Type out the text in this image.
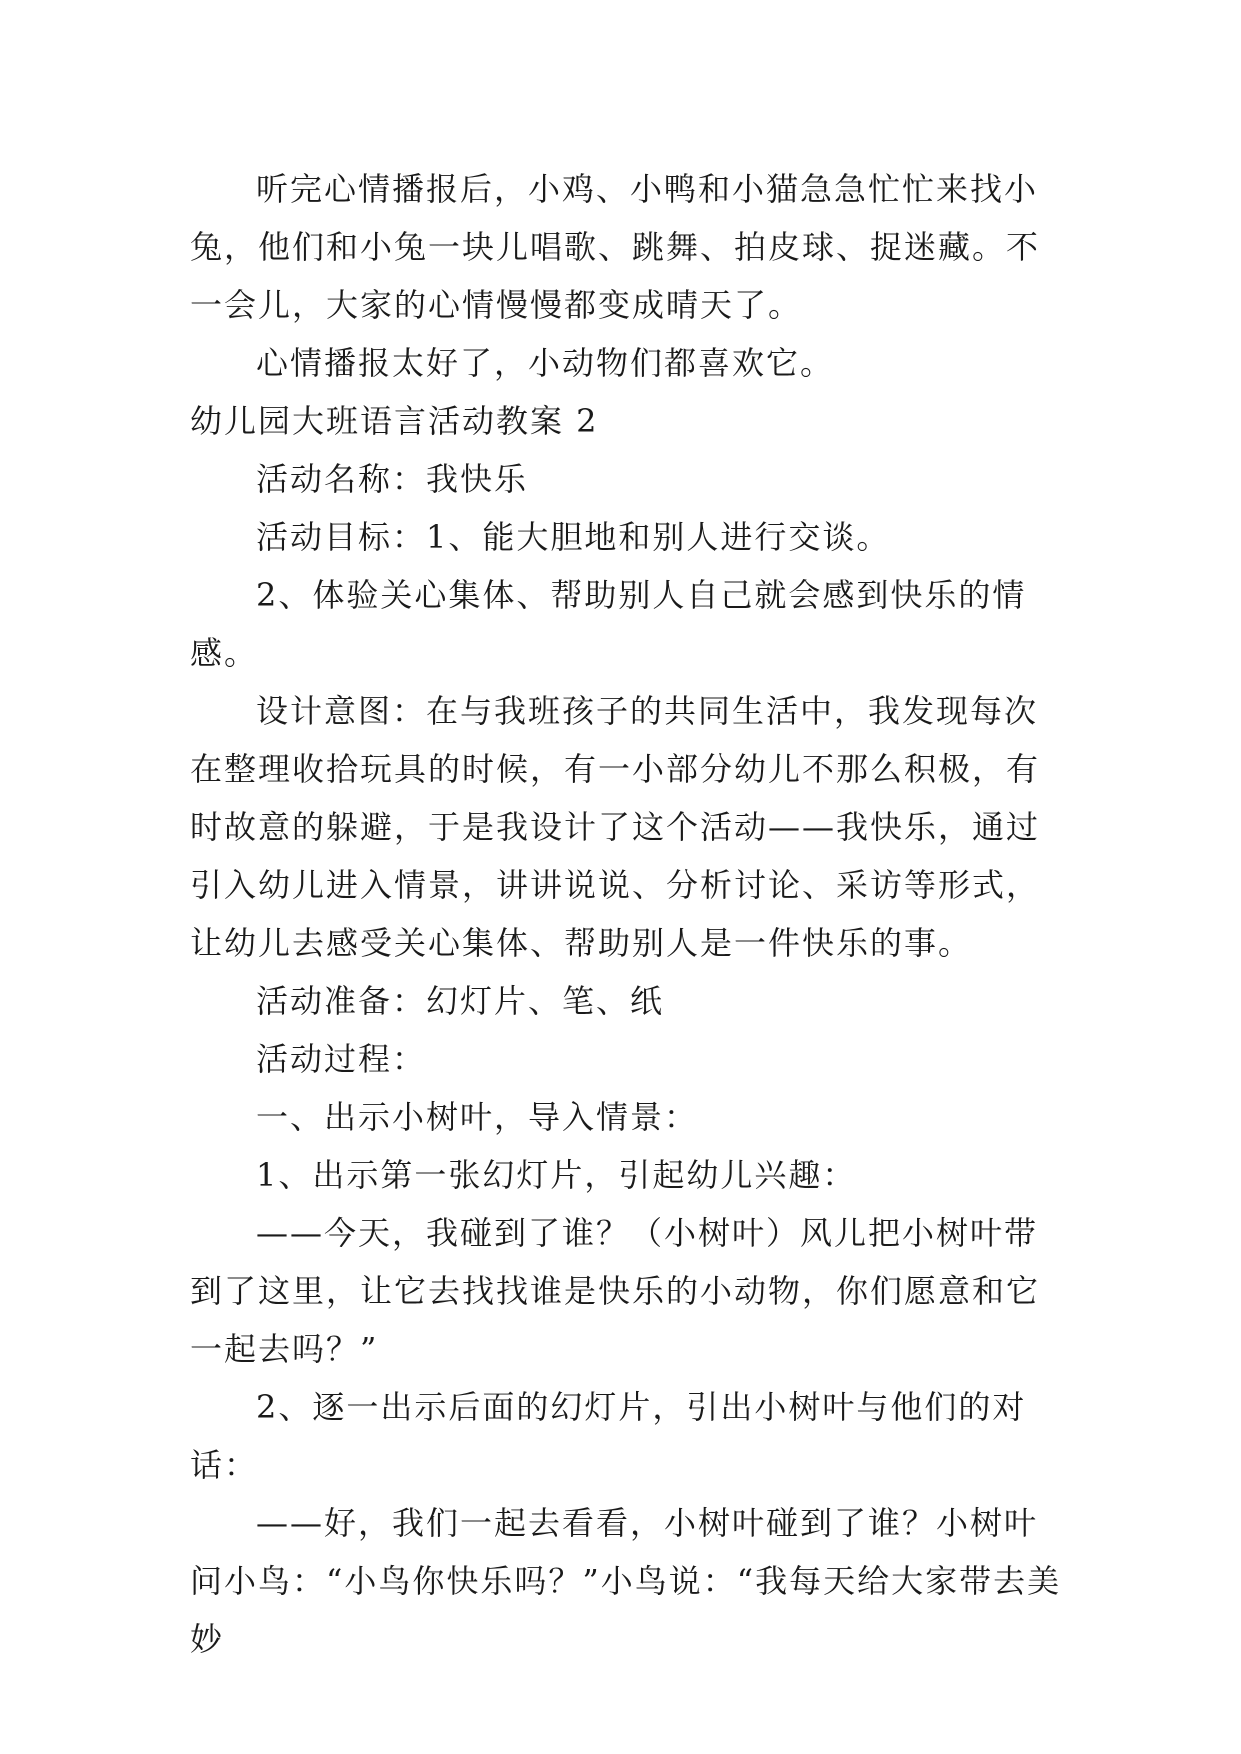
听完心情播报后，小鸡、小鸭和小猫急急忙忙来找小兔，他们和小兔一块儿唱歌、跳舞、拍皮球、捉迷藏。不一会儿，大家的心情慢慢都变成晴天了。

心情播报太好了，小动物们都喜欢它。

幼儿园大班语言活动教案 2

活动名称：我快乐

活动目标：1、能大胆地和别人进行交谈。

2、体验关心集体、帮助别人自己就会感到快乐的情感。

设计意图：在与我班孩子的共同生活中，我发现每次在整理收拾玩具的时候，有一小部分幼儿不那么积极，有时故意的躲避，于是我设计了这个活动——我快乐，通过引入幼儿进入情景，讲讲说说、分析讨论、采访等形式，让幼儿去感受关心集体、帮助别人是一件快乐的事。

活动准备：幻灯片、笔、纸

活动过程：

一、出示小树叶，导入情景：

1、出示第一张幻灯片，引起幼儿兴趣：

——今天，我碰到了谁？（小树叶）风儿把小树叶带到了这里，让它去找找谁是快乐的小动物，你们愿意和它一起去吗？”

2、逐一出示后面的幻灯片，引出小树叶与他们的对话：

——好，我们一起去看看，小树叶碰到了谁？小树叶问小鸟：“小鸟你快乐吗？”小鸟说：“我每天给大家带去美妙
